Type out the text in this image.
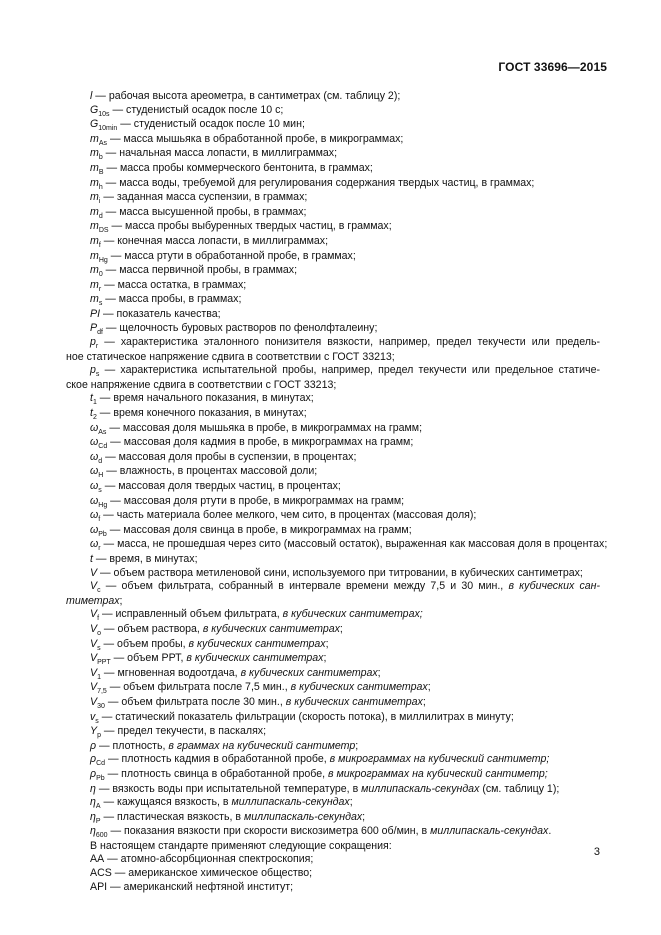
ГОСТ 33696—2015
l — рабочая высота ареометра, в сантиметрах (см. таблицу 2);
$G_{10s}$ — студенистый осадок после 10 с;
$G_{10min}$ — студенистый осадок после 10 мин;
$m_{As}$ — масса мышьяка в обработанной пробе, в микрограммах;
$m_b$ — начальная масса лопасти, в миллиграммах;
$m_B$ — масса пробы коммерческого бентонита, в граммах;
$m_h$ — масса воды, требуемой для регулирования содержания твердых частиц, в граммах;
$m_i$ — заданная масса суспензии, в граммах;
$m_d$ — масса высушенной пробы, в граммах;
$m_{DS}$ — масса пробы выбуренных твердых частиц, в граммах;
$m_f$ — конечная масса лопасти, в миллиграммах;
$m_{Hg}$ — масса ртути в обработанной пробе, в граммах;
$m_0$ — масса первичной пробы, в граммах;
$m_r$ — масса остатка, в граммах;
$m_s$ — масса пробы, в граммах;
PI — показатель качества;
$P_{df}$ — щелочность буровых растворов по фенолфталеину;
$p_r$ — характеристика эталонного понизителя вязкости, например, предел текучести или предель-
ное статическое напряжение сдвига в соответствии с ГОСТ 33213;
$p_s$ — характеристика испытательной пробы, например, предел текучести или предельное статиче-
ское напряжение сдвига в соответствии с ГОСТ 33213;
$t_1$ — время начального показания, в минутах;
$t_2$ — время конечного показания, в минутах;
$\omega_{As}$ — массовая доля мышьяка в пробе, в микрограммах на грамм;
$\omega_{Cd}$ — массовая доля кадмия в пробе, в микрограммах на грамм;
$\omega_d$ — массовая доля пробы в суспензии, в процентах;
$\omega_H$ — влажность, в процентах массовой доли;
$\omega_s$ — массовая доля твердых частиц, в процентах;
$\omega_{Hg}$ — массовая доля ртути в пробе, в микрограммах на грамм;
$\omega_f$ — часть материала более мелкого, чем сито, в процентах (массовая доля);
$\omega_{Pb}$ — массовая доля свинца в пробе, в микрограммах на грамм;
$\omega_r$ — масса, не прошедшая через сито (массовый остаток), выраженная как массовая доля в процентах;
t — время, в минутах;
V — объем раствора метиленовой сини, используемого при титровании, в кубических сантиметрах;
$V_c$ — объем фильтрата, собранный в интервале времени между 7,5 и 30 мин., в кубических сан-
тиметрах;
$V_f$ — исправленный объем фильтрата, в кубических сантиметрах;
$V_o$ — объем раствора, в кубических сантиметрах;
$V_s$ — объем пробы, в кубических сантиметрах;
$V_{PPT}$ — объем РРТ, в кубических сантиметрах;
$V_1$ — мгновенная водоотдача, в кубических сантиметрах;
$V_{7,5}$ — объем фильтрата после 7,5 мин., в кубических сантиметрах;
$V_{30}$ — объем фильтрата после 30 мин., в кубических сантиметрах;
$v_s$ — статический показатель фильтрации (скорость потока), в миллилитрах в минуту;
$Y_p$ — предел текучести, в паскалях;
ρ — плотность, в граммах на кубический сантиметр;
$\rho_{Cd}$ — плотность кадмия в обработанной пробе, в микрограммах на кубический сантиметр;
$\rho_{Pb}$ — плотность свинца в обработанной пробе, в микрограммах на кубический сантиметр;
η — вязкость воды при испытательной температуре, в миллипаскаль-секундах (см. таблицу 1);
$\eta_A$ — кажущаяся вязкость, в миллипаскаль-секундах;
$\eta_P$ — пластическая вязкость, в миллипаскаль-секундах;
$\eta_{600}$ — показания вязкости при скорости вискозиметра 600 об/мин, в миллипаскаль-секундах.
В настоящем стандарте применяют следующие сокращения:
АА — атомно-абсорбционная спектроскопия;
ACS — американское химическое общество;
API — американский нефтяной институт;
3
